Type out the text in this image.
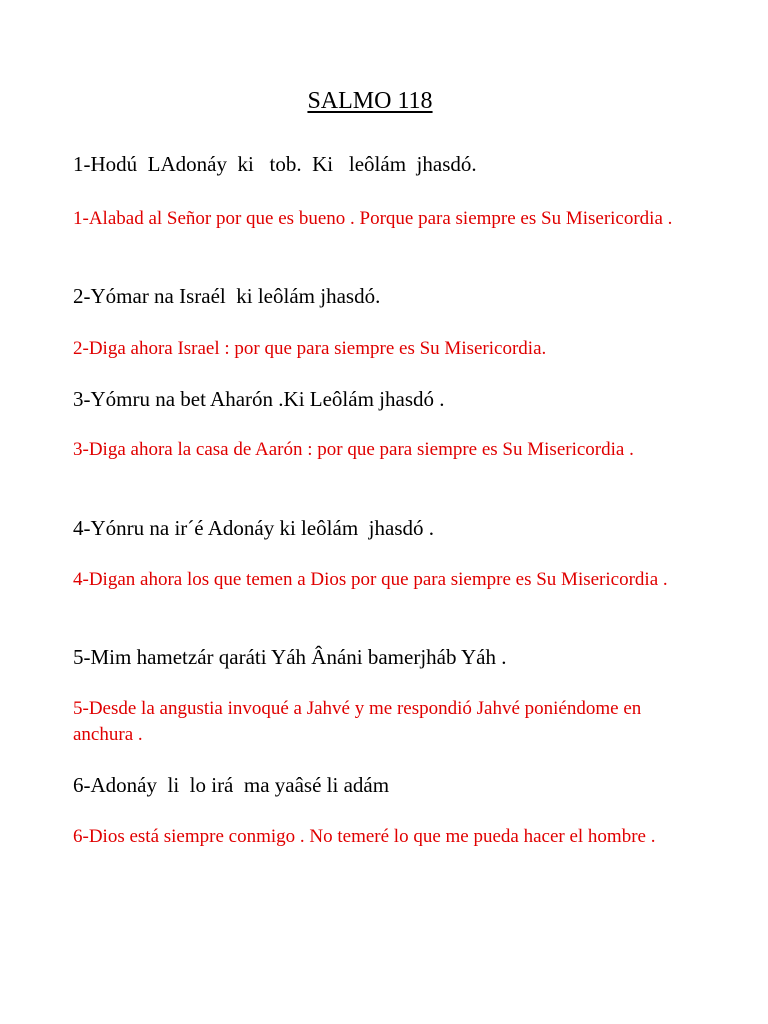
SALMO 118
1-Hodú  LAdonáy  ki   tob.  Ki   leôlám  jhasdó.
1-Alabad al Señor por que es bueno . Porque para siempre es Su Misericordia .
2-Yómar na Israél  ki leôlám jhasdó.
2-Diga ahora Israel : por que para siempre es Su Misericordia.
3-Yómru na bet Aharón .Ki Leôlám jhasdó .
3-Diga ahora la casa de Aarón : por que para siempre es Su Misericordia .
4-Yónru na ir´é Adonáy ki leôlám  jhasdó .
4-Digan ahora los que temen a Dios por que para siempre es Su Misericordia .
5-Mim hametzár qaráti Yáh Ânáni bamerjháb Yáh .
5-Desde la angustia invoqué a Jahvé y me respondió Jahvé poniéndome en anchura .
6-Adonáy  li  lo irá  ma yaâsé li adám
6-Dios está siempre conmigo . No temeré lo que me pueda hacer el hombre .
